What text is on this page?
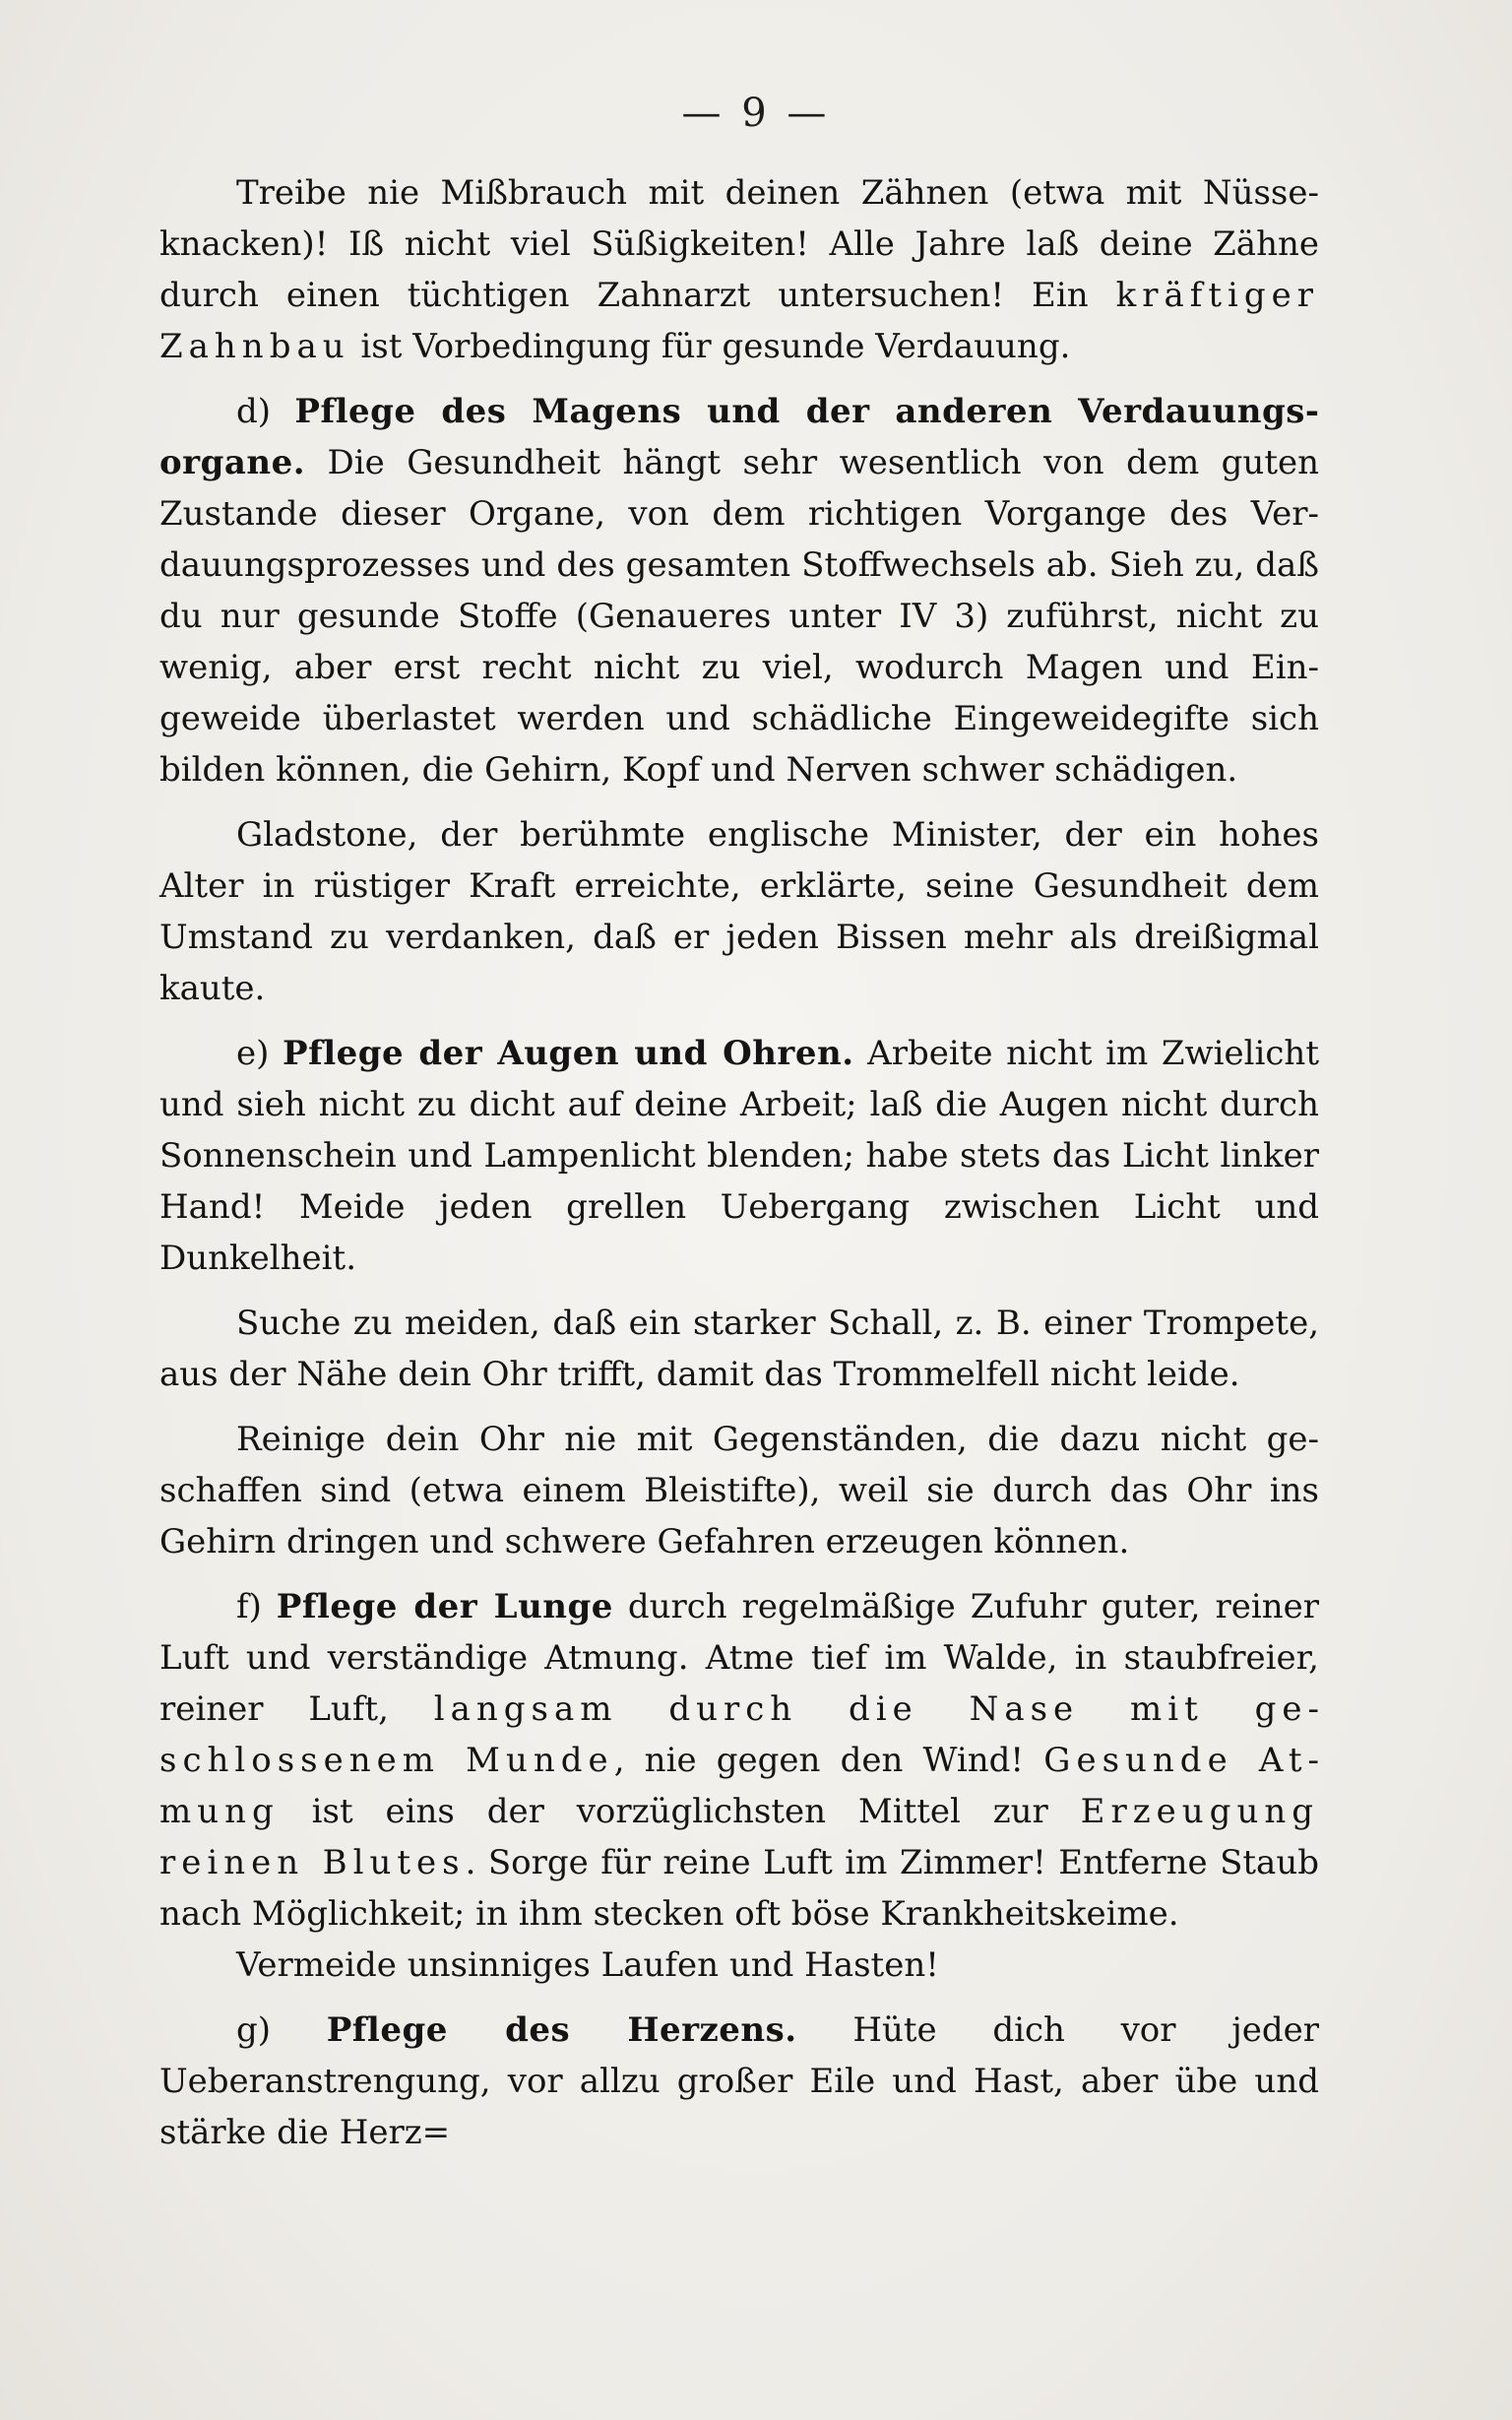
— 9 —

Treibe nie Mißbrauch mit deinen Zähnen (etwa mit Nüsseknacken)! Iß nicht viel Süßigkeiten! Alle Jahre laß deine Zähne durch einen tüchtigen Zahnarzt untersuchen! Ein kräftiger Zahnbau ist Vorbedingung für gesunde Verdauung.

d) Pflege des Magens und der anderen Verdauungsorgane. Die Gesundheit hängt sehr wesentlich von dem guten Zustande dieser Organe, von dem richtigen Vorgange des Verdauungsprozesses und des gesamten Stoffwechsels ab. Sieh zu, daß du nur gesunde Stoffe (Genaueres unter IV 3) zuführst, nicht zu wenig, aber erst recht nicht zu viel, wodurch Magen und Eingeweide überlastet werden und schädliche Eingeweidegifte sich bilden können, die Gehirn, Kopf und Nerven schwer schädigen.

Gladstone, der berühmte englische Minister, der ein hohes Alter in rüstiger Kraft erreichte, erklärte, seine Gesundheit dem Umstand zu verdanken, daß er jeden Bissen mehr als dreißigmal kaute.

e) Pflege der Augen und Ohren. Arbeite nicht im Zwielicht und sieh nicht zu dicht auf deine Arbeit; laß die Augen nicht durch Sonnenschein und Lampenlicht blenden; habe stets das Licht linker Hand! Meide jeden grellen Uebergang zwischen Licht und Dunkelheit.

Suche zu meiden, daß ein starker Schall, z. B. einer Trompete, aus der Nähe dein Ohr trifft, damit das Trommelfell nicht leide.

Reinige dein Ohr nie mit Gegenständen, die dazu nicht geschaffen sind (etwa einem Bleistifte), weil sie durch das Ohr ins Gehirn dringen und schwere Gefahren erzeugen können.

f) Pflege der Lunge durch regelmäßige Zufuhr guter, reiner Luft und verständige Atmung. Atme tief im Walde, in staubfreier, reiner Luft, langsam durch die Nase mit geschlossenem Munde, nie gegen den Wind! Gesunde Atmung ist eins der vorzüglichsten Mittel zur Erzeugung reinen Blutes. Sorge für reine Luft im Zimmer! Entferne Staub nach Möglichkeit; in ihm stecken oft böse Krankheitskeime.

Vermeide unsinniges Laufen und Hasten!

g) Pflege des Herzens. Hüte dich vor jeder Ueberanstrengung, vor allzu großer Eile und Hast, aber übe und stärke die Herz=
